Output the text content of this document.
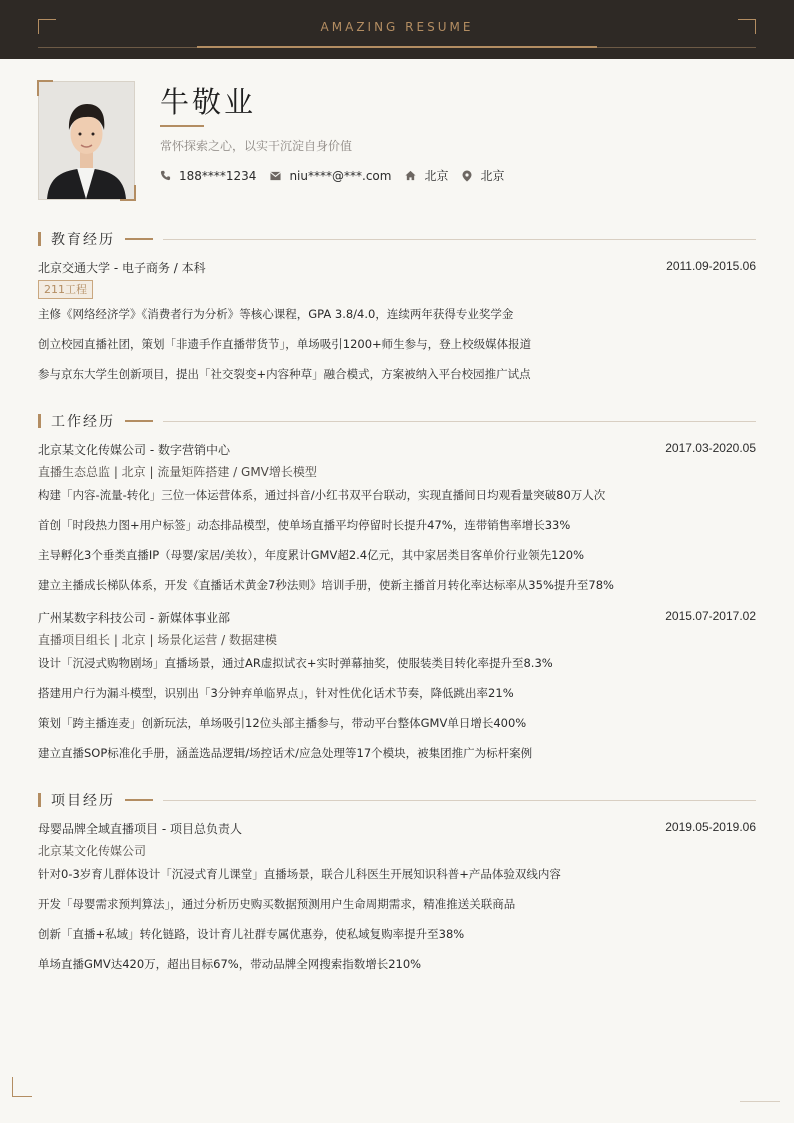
AMAZING RESUME
牛敬业
常怀探索之心，以实干沉淀自身价值
188****1234	niu****@***.com	北京	北京
教育经历
北京交通大学 - 电子商务 / 本科	2011.09-2015.06
211工程
主修《网络经济学》《消费者行为分析》等核心课程，GPA 3.8/4.0，连续两年获得专业奖学金
创立校园直播社团，策划「非遗手作直播带货节」，单场吸引1200+师生参与，登上校级媒体报道
参与京东大学生创新项目，提出「社交裂变+内容种草」融合模式，方案被纳入平台校园推广试点
工作经历
北京某文化传媒公司 - 数字营销中心	2017.03-2020.05
直播生态总监 | 北京 | 流量矩阵搭建 / GMV增长模型
构建「内容-流量-转化」三位一体运营体系，通过抖音/小红书双平台联动，实现直播间日均观看量突破80万人次
首创「时段热力图+用户标签」动态排品模型，使单场直播平均停留时长提升47%，连带销售率增长33%
主导孵化3个垂类直播IP（母婴/家居/美妆），年度累计GMV超2.4亿元，其中家居类目客单价行业领先120%
建立主播成长梯队体系，开发《直播话术黄金7秒法则》培训手册，使新主播首月转化率达标率从35%提升至78%
广州某数字科技公司 - 新媒体事业部	2015.07-2017.02
直播项目组长 | 北京 | 场景化运营 / 数据建模
设计「沉浸式购物剧场」直播场景，通过AR虚拟试衣+实时弹幕抽奖，使服装类目转化率提升至8.3%
搭建用户行为漏斗模型，识别出「3分钟弃单临界点」，针对性优化话术节奏，降低跳出率21%
策划「跨主播连麦」创新玩法，单场吸引12位头部主播参与，带动平台整体GMV单日增长400%
建立直播SOP标准化手册，涵盖选品逻辑/场控话术/应急处理等17个模块，被集团推广为标杆案例
项目经历
母婴品牌全域直播项目 - 项目总负责人	2019.05-2019.06
北京某文化传媒公司
针对0-3岁育儿群体设计「沉浸式育儿课堂」直播场景，联合儿科医生开展知识科普+产品体验双线内容
开发「母婴需求预判算法」，通过分析历史购买数据预测用户生命周期需求，精准推送关联商品
创新「直播+私域」转化链路，设计育儿社群专属优惠券，使私域复购率提升至38%
单场直播GMV达420万，超出目标67%，带动品牌全网搜索指数增长210%
